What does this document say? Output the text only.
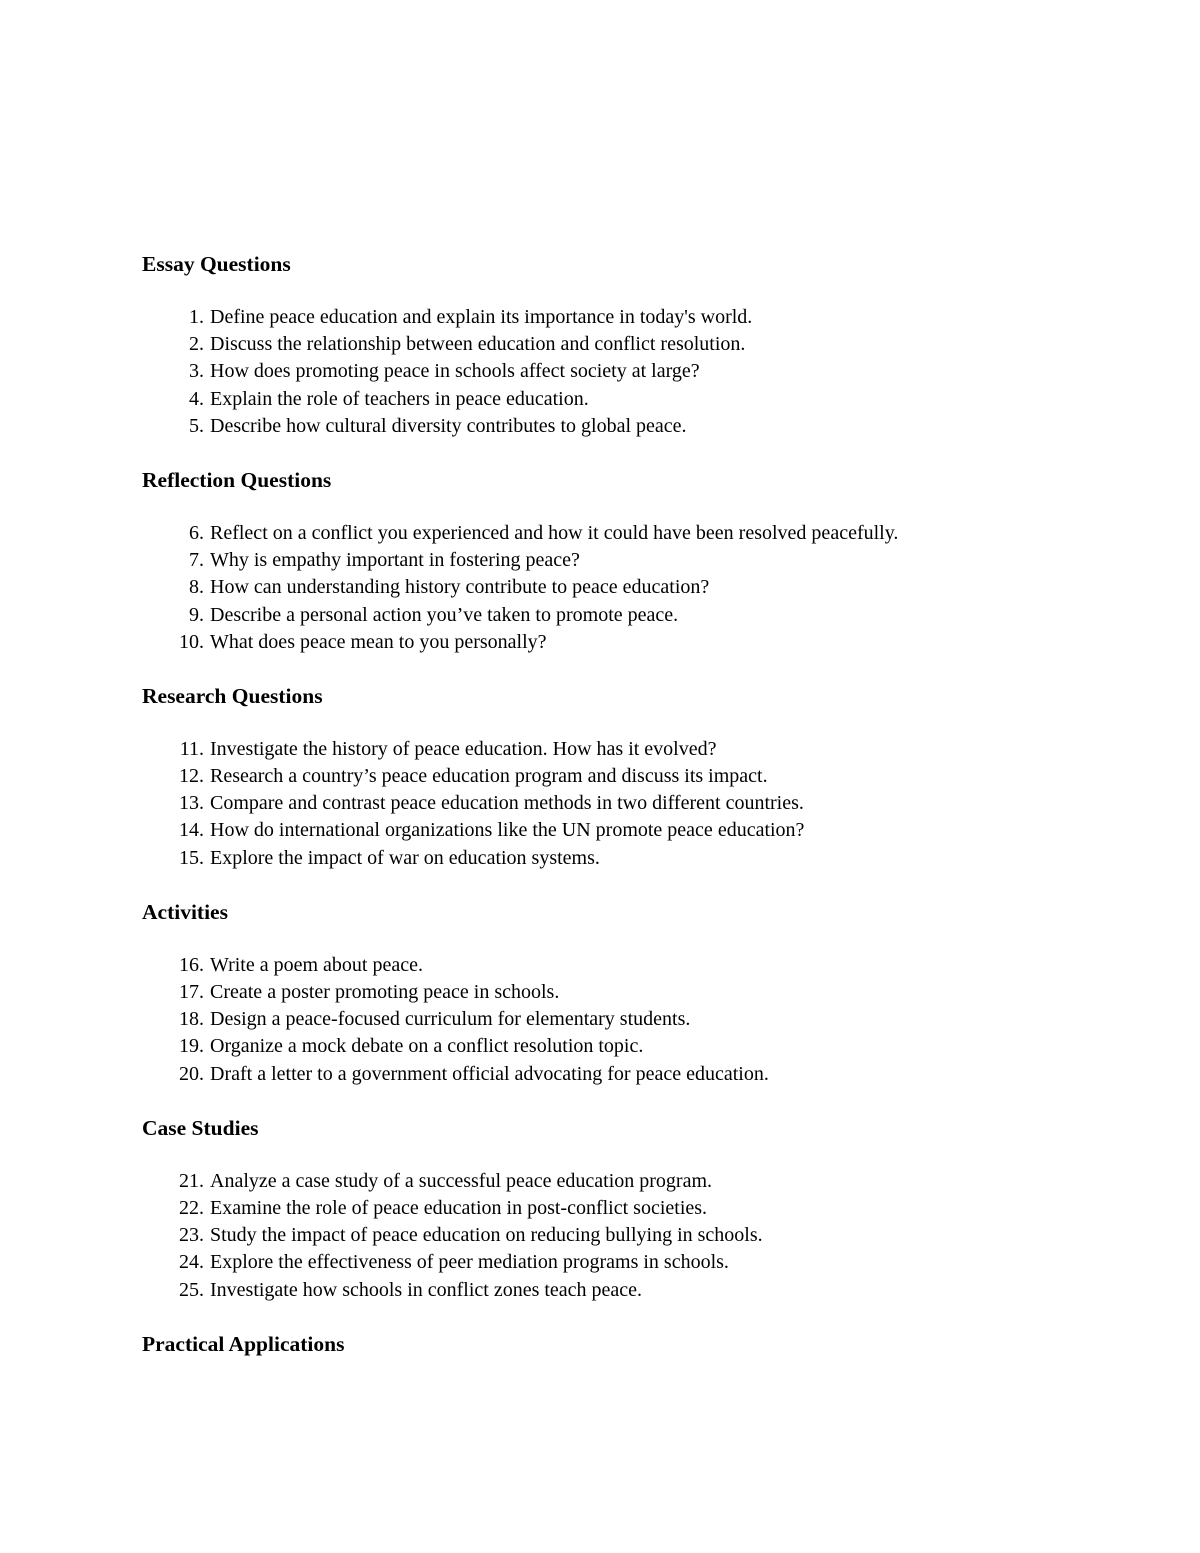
Essay Questions
1. Define peace education and explain its importance in today's world.
2. Discuss the relationship between education and conflict resolution.
3. How does promoting peace in schools affect society at large?
4. Explain the role of teachers in peace education.
5. Describe how cultural diversity contributes to global peace.
Reflection Questions
6. Reflect on a conflict you experienced and how it could have been resolved peacefully.
7. Why is empathy important in fostering peace?
8. How can understanding history contribute to peace education?
9. Describe a personal action you’ve taken to promote peace.
10. What does peace mean to you personally?
Research Questions
11. Investigate the history of peace education. How has it evolved?
12. Research a country’s peace education program and discuss its impact.
13. Compare and contrast peace education methods in two different countries.
14. How do international organizations like the UN promote peace education?
15. Explore the impact of war on education systems.
Activities
16. Write a poem about peace.
17. Create a poster promoting peace in schools.
18. Design a peace-focused curriculum for elementary students.
19. Organize a mock debate on a conflict resolution topic.
20. Draft a letter to a government official advocating for peace education.
Case Studies
21. Analyze a case study of a successful peace education program.
22. Examine the role of peace education in post-conflict societies.
23. Study the impact of peace education on reducing bullying in schools.
24. Explore the effectiveness of peer mediation programs in schools.
25. Investigate how schools in conflict zones teach peace.
Practical Applications
